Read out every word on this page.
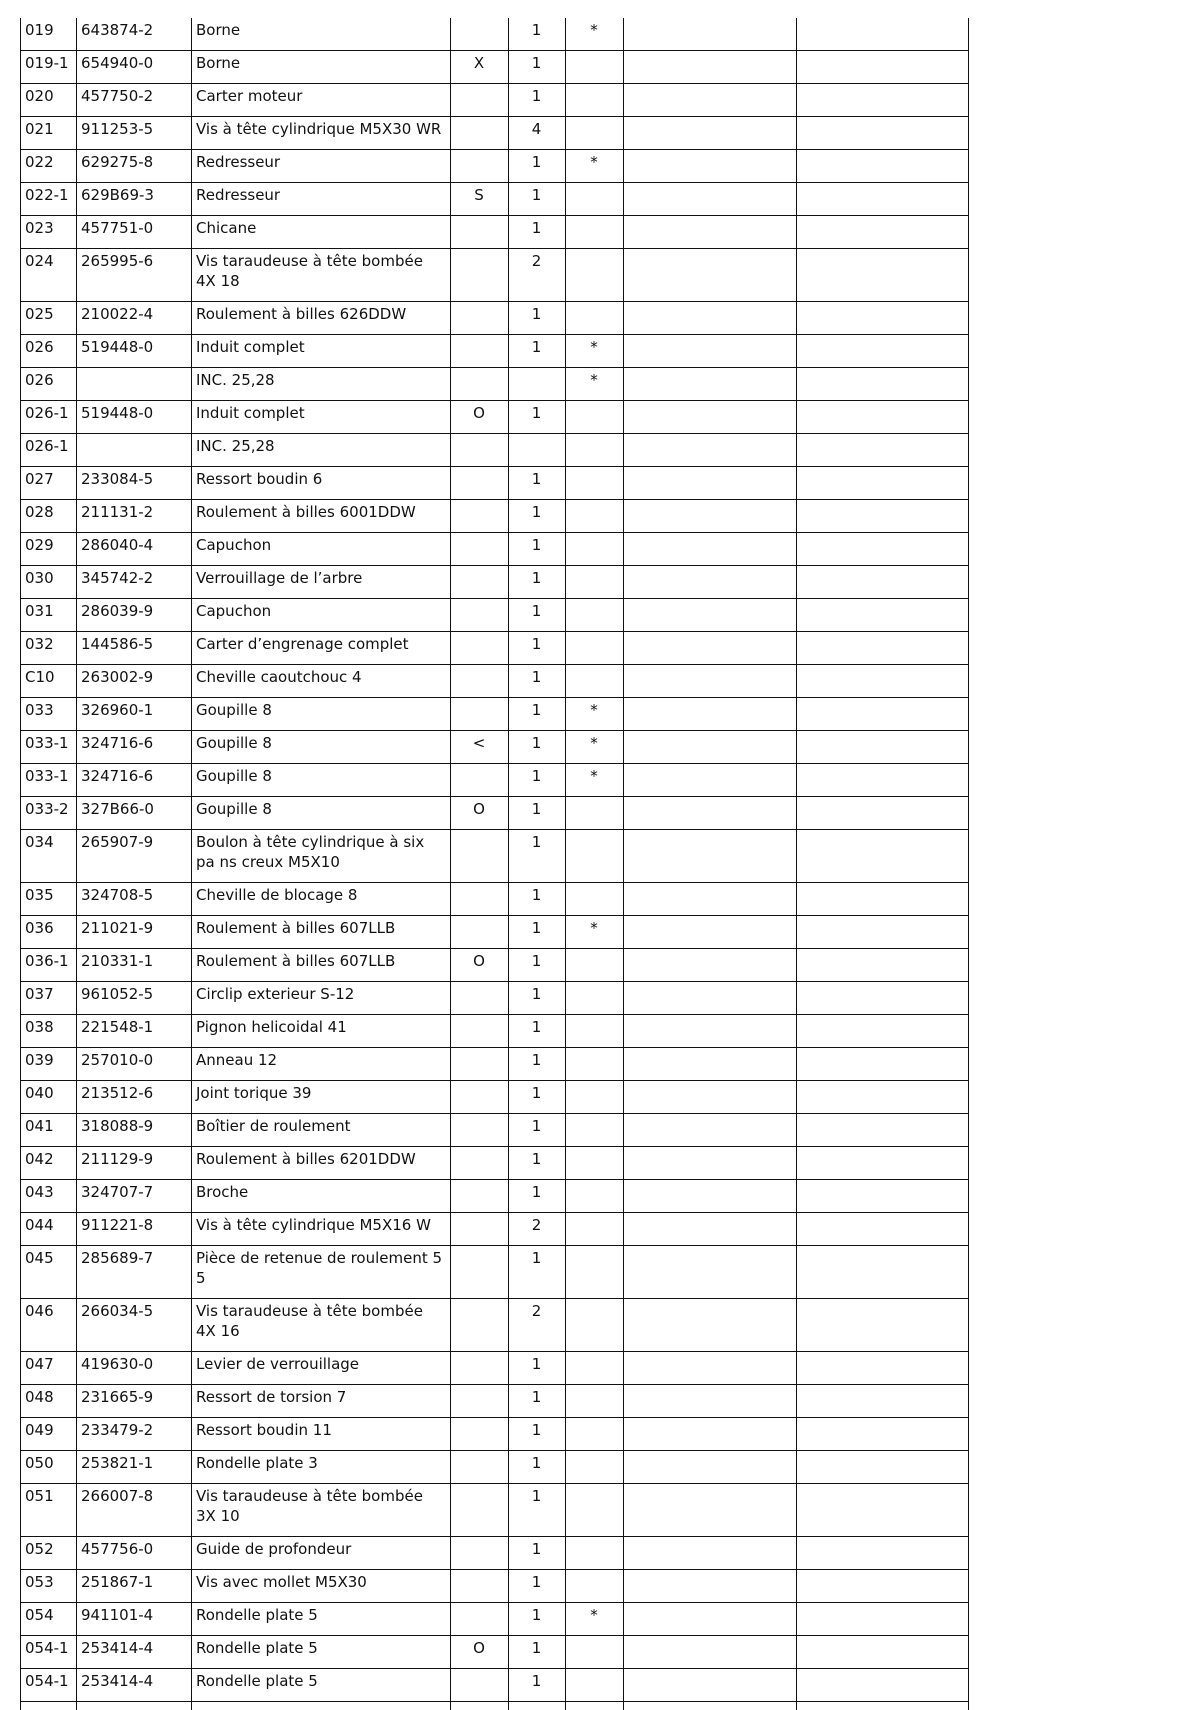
019	643874-2	Borne		1	*		
019-1	654940-0	Borne	X	1			
020	457750-2	Carter moteur		1			
021	911253-5	Vis à tête cylindrique M5X30 WR		4			
022	629275-8	Redresseur		1	*		
022-1	629B69-3	Redresseur	S	1			
023	457751-0	Chicane		1			
024	265995-6	Vis taraudeuse à tête bombée 4X 18		2			
025	210022-4	Roulement à billes 626DDW		1			
026	519448-0	Induit complet		1	*		
026		INC. 25,28			*		
026-1	519448-0	Induit complet	O	1			
026-1		INC. 25,28					
027	233084-5	Ressort boudin 6		1			
028	211131-2	Roulement à billes 6001DDW		1			
029	286040-4	Capuchon		1			
030	345742-2	Verrouillage de l’arbre		1			
031	286039-9	Capuchon		1			
032	144586-5	Carter d’engrenage complet		1			
C10	263002-9	Cheville caoutchouc 4		1			
033	326960-1	Goupille 8		1	*		
033-1	324716-6	Goupille 8	<	1	*		
033-1	324716-6	Goupille 8		1	*		
033-2	327B66-0	Goupille 8	O	1			
034	265907-9	Boulon à tête cylindrique à six pa ns creux M5X10		1			
035	324708-5	Cheville de blocage 8		1			
036	211021-9	Roulement à billes 607LLB		1	*		
036-1	210331-1	Roulement à billes 607LLB	O	1			
037	961052-5	Circlip exterieur S-12		1			
038	221548-1	Pignon helicoidal 41		1			
039	257010-0	Anneau 12		1			
040	213512-6	Joint torique 39		1			
041	318088-9	Boîtier de roulement		1			
042	211129-9	Roulement à billes 6201DDW		1			
043	324707-7	Broche		1			
044	911221-8	Vis à tête cylindrique M5X16 W		2			
045	285689-7	Pièce de retenue de roulement 5 5		1			
046	266034-5	Vis taraudeuse à tête bombée 4X 16		2			
047	419630-0	Levier de verrouillage		1			
048	231665-9	Ressort de torsion 7		1			
049	233479-2	Ressort boudin 11		1			
050	253821-1	Rondelle plate 3		1			
051	266007-8	Vis taraudeuse à tête bombée 3X 10		1			
052	457756-0	Guide de profondeur		1			
053	251867-1	Vis avec mollet M5X30		1			
054	941101-4	Rondelle plate 5		1	*		
054-1	253414-4	Rondelle plate 5	O	1			
054-1	253414-4	Rondelle plate 5		1			
